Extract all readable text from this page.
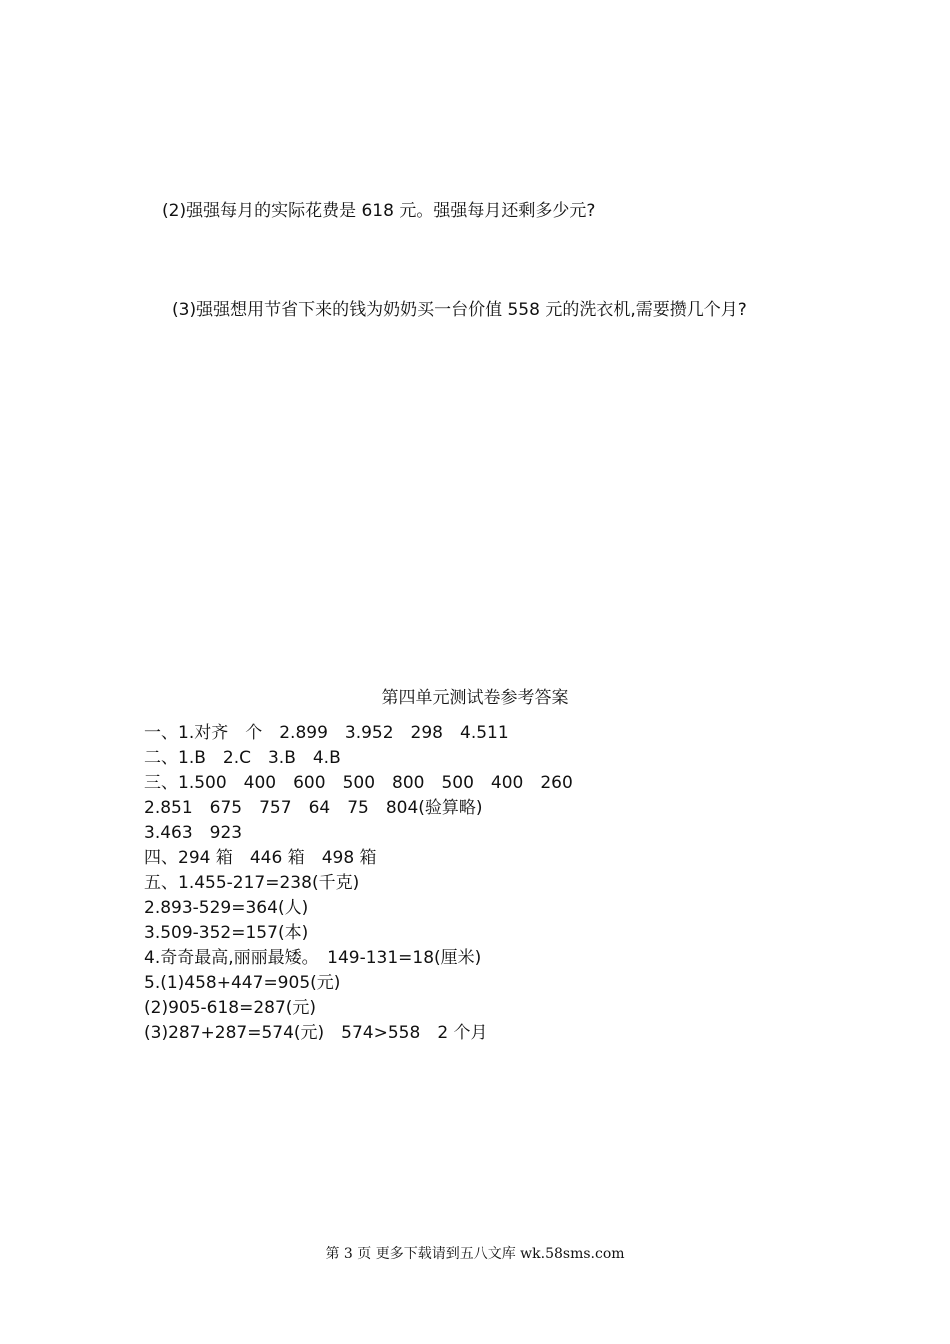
(2)强强每月的实际花费是 618 元。强强每月还剩多少元?
(3)强强想用节省下来的钱为奶奶买一台价值 558 元的洗衣机,需要攒几个月?
第四单元测试卷参考答案
一、1.对齐　个　2.899　3.952　298　4.511
二、1.B　2.C　3.B　4.B
三、1.500　400　600　500　800　500　400　260
2.851　675　757　64　75　804(验算略)
3.463　923
四、294 箱　446 箱　498 箱
五、1.455-217=238(千克)
2.893-529=364(人)
3.509-352=157(本)
4.奇奇最高,丽丽最矮。　149-131=18(厘米)
5.(1)458+447=905(元)
(2)905-618=287(元)
(3)287+287=574(元)　574>558　2 个月
第 3 页 更多下载请到五八文库 wk.58sms.com
